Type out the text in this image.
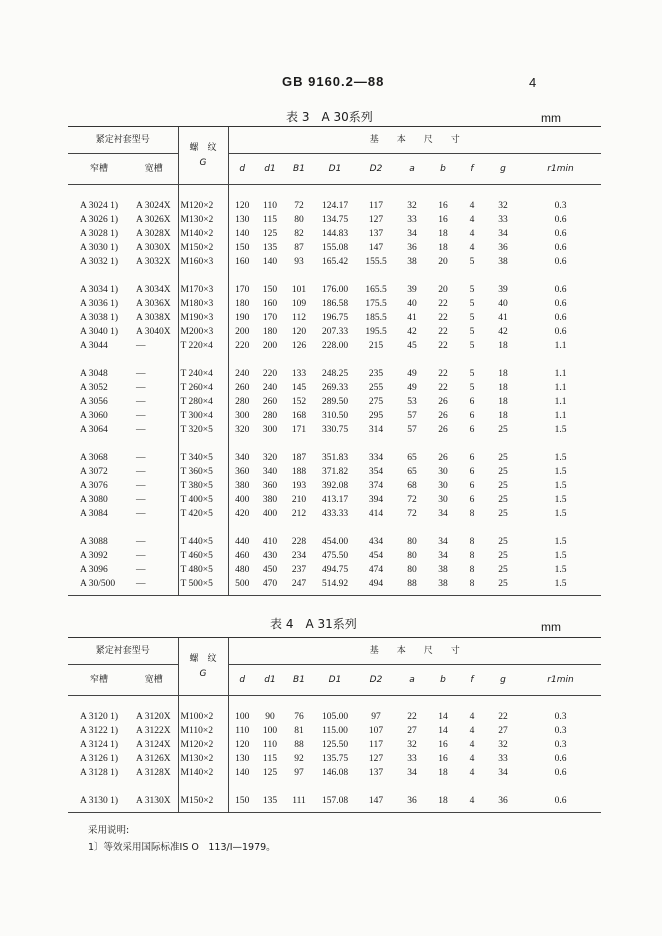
GB 9160.2—88	4
表 3　A 30系列	mm
紧定衬套型号		螺　纹
G	基　　本　　尺　　寸									
窄槽	宽槽		d	d1	B1	D1	D2	a	b	f	g	r1min

A 3024 1)	A 3024X	M120×2	120	110	72	124.17	117	32	16	4	32	0.3
A 3026 1)	A 3026X	M130×2	130	115	80	134.75	127	33	16	4	33	0.6
A 3028 1)	A 3028X	M140×2	140	125	82	144.83	137	34	18	4	34	0.6
A 3030 1)	A 3030X	M150×2	150	135	87	155.08	147	36	18	4	36	0.6
A 3032 1)	A 3032X	M160×3	160	140	93	165.42	155.5	38	20	5	38	0.6

A 3034 1)	A 3034X	M170×3	170	150	101	176.00	165.5	39	20	5	39	0.6
A 3036 1)	A 3036X	M180×3	180	160	109	186.58	175.5	40	22	5	40	0.6
A 3038 1)	A 3038X	M190×3	190	170	112	196.75	185.5	41	22	5	41	0.6
A 3040 1)	A 3040X	M200×3	200	180	120	207.33	195.5	42	22	5	42	0.6
A 3044	—	T 220×4	220	200	126	228.00	215	45	22	5	18	1.1

A 3048	—	T 240×4	240	220	133	248.25	235	49	22	5	18	1.1
A 3052	—	T 260×4	260	240	145	269.33	255	49	22	5	18	1.1
A 3056	—	T 280×4	280	260	152	289.50	275	53	26	6	18	1.1
A 3060	—	T 300×4	300	280	168	310.50	295	57	26	6	18	1.1
A 3064	—	T 320×5	320	300	171	330.75	314	57	26	6	25	1.5

A 3068	—	T 340×5	340	320	187	351.83	334	65	26	6	25	1.5
A 3072	—	T 360×5	360	340	188	371.82	354	65	30	6	25	1.5
A 3076	—	T 380×5	380	360	193	392.08	374	68	30	6	25	1.5
A 3080	—	T 400×5	400	380	210	413.17	394	72	30	6	25	1.5
A 3084	—	T 420×5	420	400	212	433.33	414	72	34	8	25	1.5

A 3088	—	T 440×5	440	410	228	454.00	434	80	34	8	25	1.5
A 3092	—	T 460×5	460	430	234	475.50	454	80	34	8	25	1.5
A 3096	—	T 480×5	480	450	237	494.75	474	80	38	8	25	1.5
A 30/500	—	T 500×5	500	470	247	514.92	494	88	38	8	25	1.5
表 4　A 31系列	mm
紧定衬套型号		螺　纹
G	基　　本　　尺　　寸									
窄槽	宽槽		d	d1	B1	D1	D2	a	b	f	g	r1min

A 3120 1)	A 3120X	M100×2	100	90	76	105.00	97	22	14	4	22	0.3
A 3122 1)	A 3122X	M110×2	110	100	81	115.00	107	27	14	4	27	0.3
A 3124 1)	A 3124X	M120×2	120	110	88	125.50	117	32	16	4	32	0.3
A 3126 1)	A 3126X	M130×2	130	115	92	135.75	127	33	16	4	33	0.6
A 3128 1)	A 3128X	M140×2	140	125	97	146.08	137	34	18	4	34	0.6

A 3130 1)	A 3130X	M150×2	150	135	111	157.08	147	36	18	4	36	0.6
采用说明:
1〕等效采用国际标准IS O　113/Ⅰ—1979。
